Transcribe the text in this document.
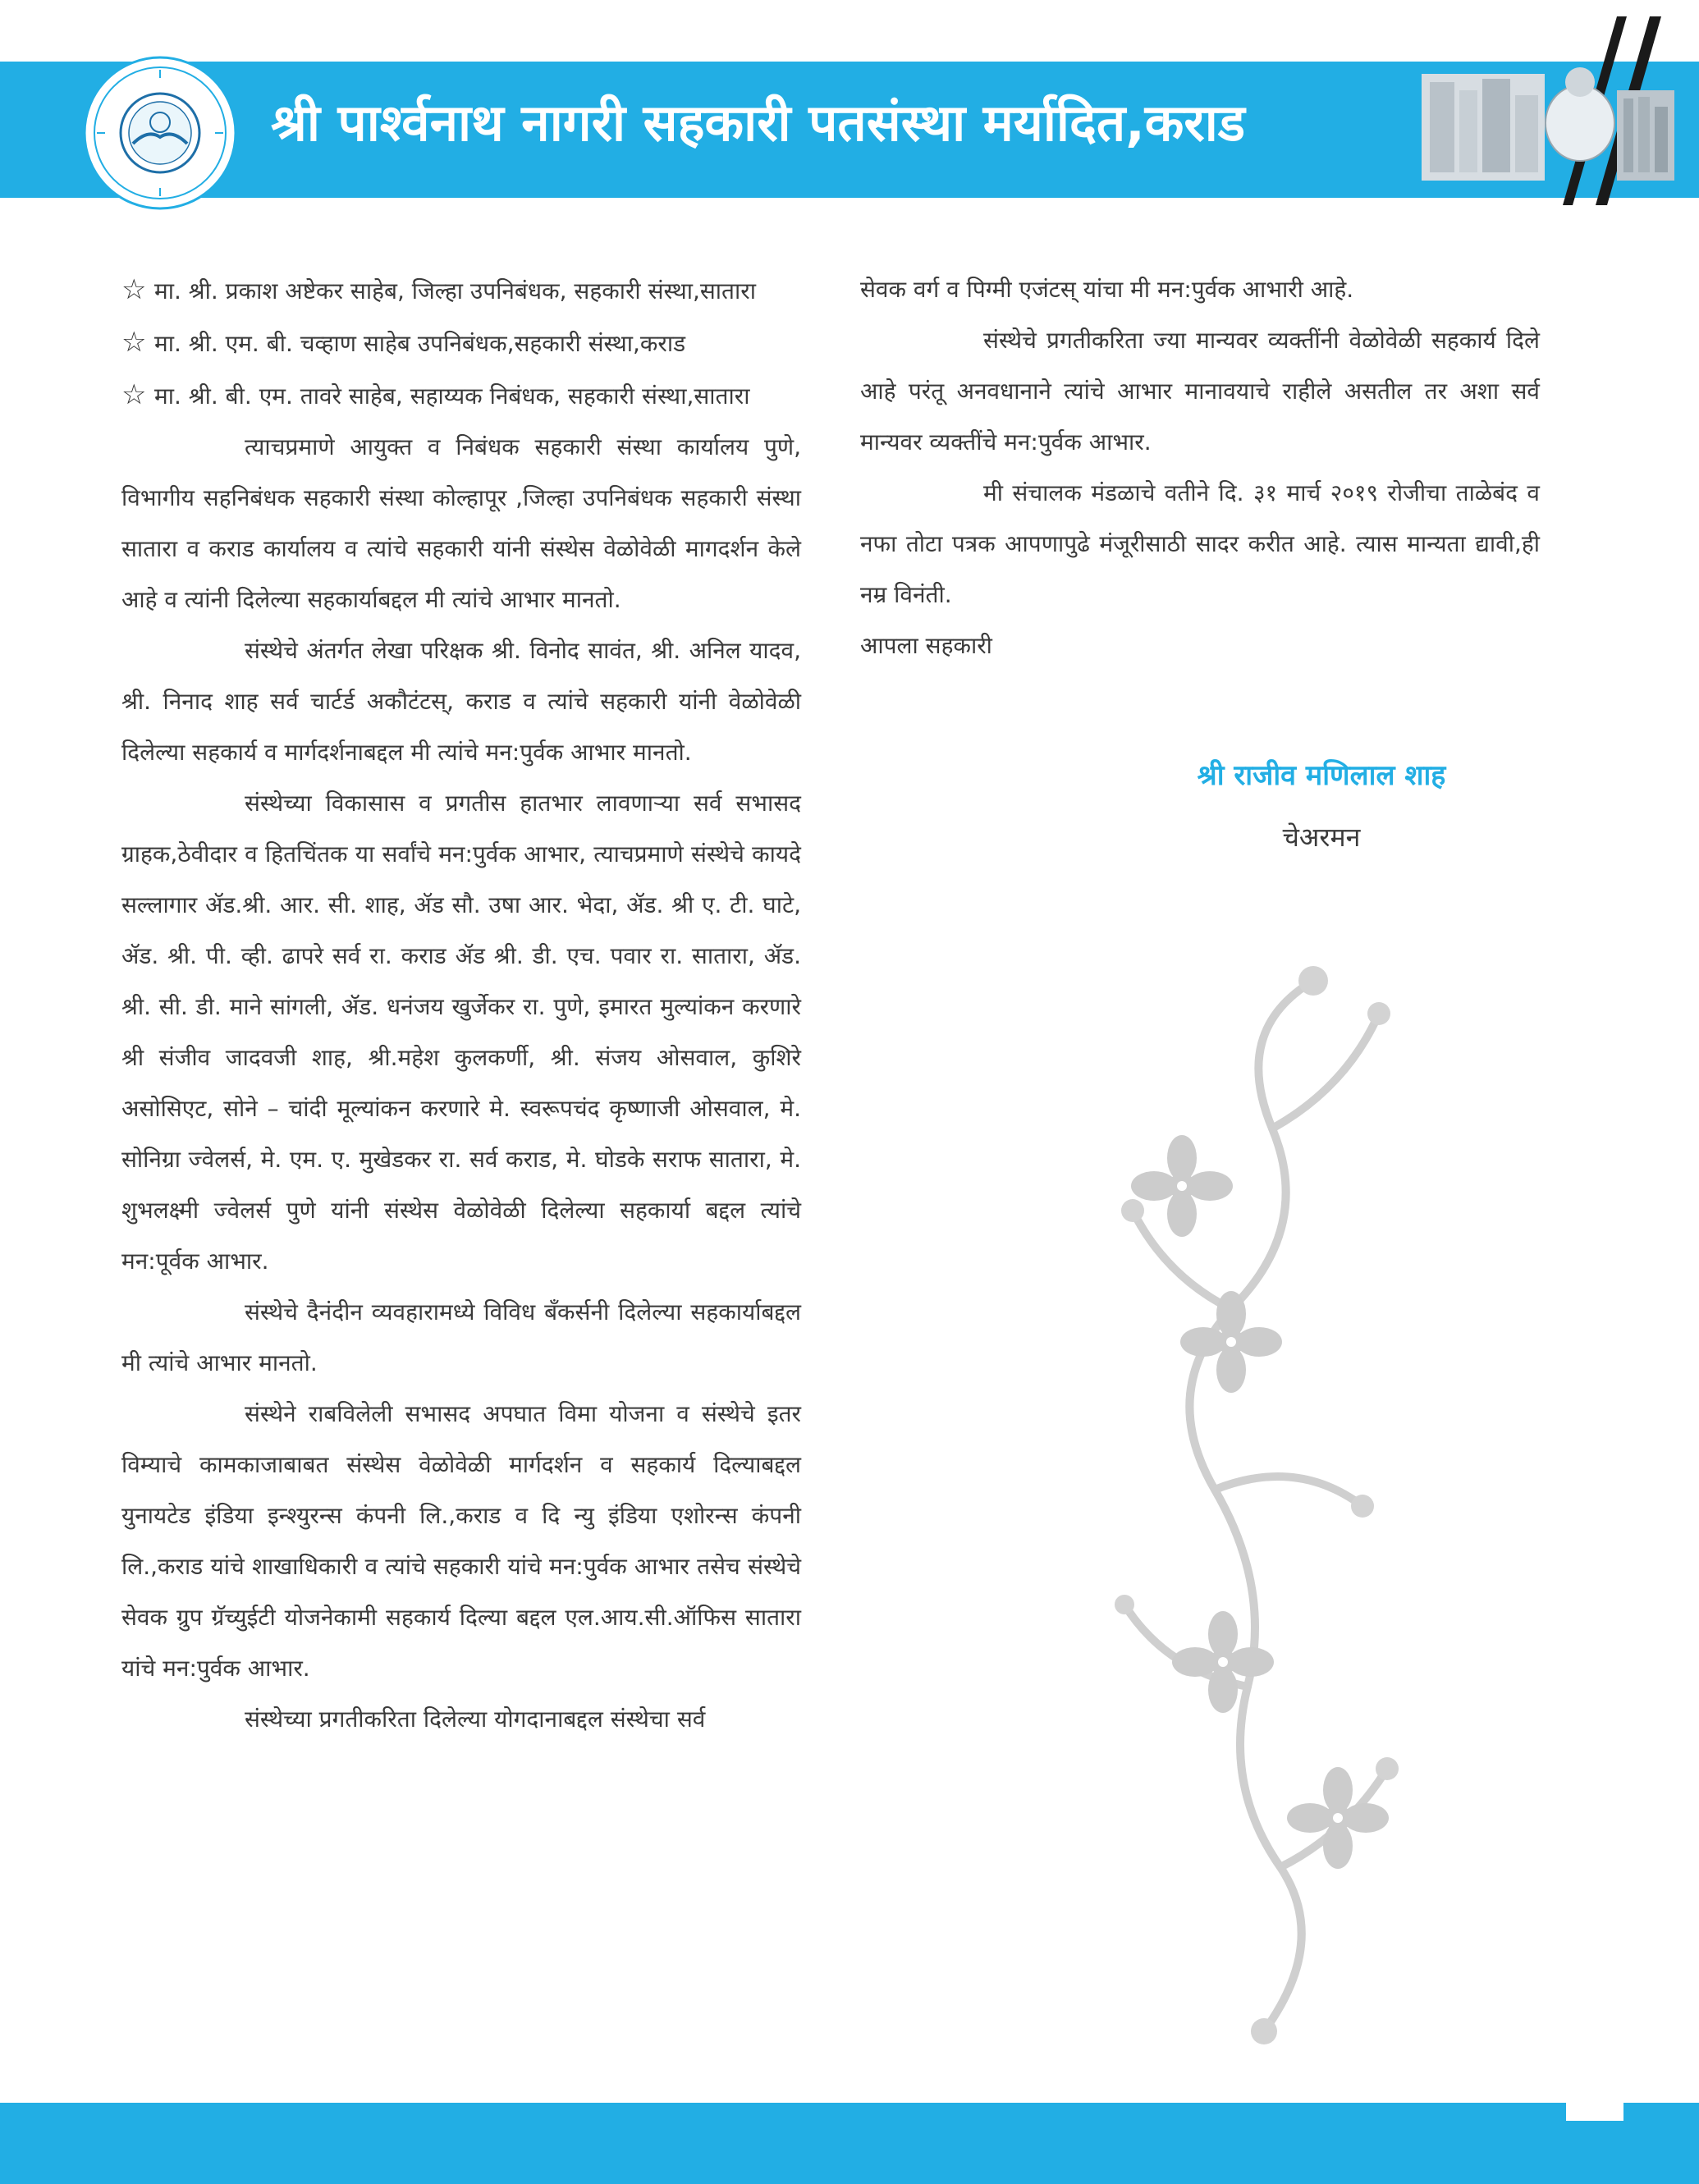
श्री पार्श्वनाथ नागरी सहकारी पतसंस्था मर्यादित,कराड

☆ मा. श्री. प्रकाश अष्टेकर साहेब, जिल्हा उपनिबंधक, सहकारी संस्था,सातारा

☆ मा. श्री. एम. बी. चव्हाण साहेब उपनिबंधक,सहकारी संस्था,कराड

☆ मा. श्री. बी. एम. तावरे साहेब, सहाय्यक निबंधक, सहकारी संस्था,सातारा

त्याचप्रमाणे आयुक्त व निबंधक सहकारी संस्था कार्यालय पुणे, विभागीय सहनिबंधक सहकारी संस्था कोल्हापूर ,जिल्हा उपनिबंधक सहकारी संस्था सातारा व कराड कार्यालय व त्यांचे सहकारी यांनी संस्थेस वेळोवेळी मागदर्शन केले आहे व त्यांनी दिलेल्या सहकार्याबद्दल मी त्यांचे आभार मानतो.

संस्थेचे अंतर्गत लेखा परिक्षक श्री. विनोद सावंत, श्री. अनिल यादव, श्री. निनाद शाह सर्व चार्टर्ड अकौटंटस्, कराड व त्यांचे सहकारी यांनी वेळोवेळी दिलेल्या सहकार्य व मार्गदर्शनाबद्दल मी त्यांचे मन:पुर्वक आभार मानतो.

संस्थेच्या विकासास व प्रगतीस हातभार लावणाऱ्या सर्व सभासद ग्राहक,ठेवीदार व हितचिंतक या सर्वांचे मन:पुर्वक आभार, त्याचप्रमाणे संस्थेचे कायदे सल्लागार ॲड.श्री. आर. सी. शाह, ॲड सौ. उषा आर. भेदा, ॲड. श्री ए. टी. घाटे, ॲड. श्री. पी. व्ही. ढापरे सर्व रा. कराड ॲड श्री. डी. एच. पवार रा. सातारा, ॲड. श्री. सी. डी. माने सांगली, ॲड. धनंजय खुर्जेकर रा. पुणे, इमारत मुल्यांकन करणारे श्री संजीव जादवजी शाह, श्री.महेश कुलकर्णी, श्री. संजय ओसवाल, कुशिरे असोसिएट, सोने – चांदी मूल्यांकन करणारे मे. स्वरूपचंद कृष्णाजी ओसवाल, मे. सोनिग्रा ज्वेलर्स, मे. एम. ए. मुखेडकर रा. सर्व कराड, मे. घोडके सराफ सातारा, मे. शुभलक्ष्मी ज्वेलर्स पुणे यांनी संस्थेस वेळोवेळी दिलेल्या सहकार्या बद्दल त्यांचे मन:पूर्वक आभार.

संस्थेचे दैनंदीन व्यवहारामध्ये विविध बँकर्सनी दिलेल्या सहकार्याबद्दल मी त्यांचे आभार मानतो.

संस्थेने राबविलेली सभासद अपघात विमा योजना व संस्थेचे इतर विम्याचे कामकाजाबाबत संस्थेस वेळोवेळी मार्गदर्शन व सहकार्य दिल्याबद्दल युनायटेड इंडिया इन्श्युरन्स कंपनी लि.,कराड व दि न्यु इंडिया एशोरन्स कंपनी लि.,कराड यांचे शाखाधिकारी व त्यांचे सहकारी यांचे मन:पुर्वक आभार तसेच संस्थेचे सेवक ग्रुप ग्रॅच्युईटी योजनेकामी सहकार्य दिल्या बद्दल एल.आय.सी.ऑफिस सातारा यांचे मन:पुर्वक आभार.

संस्थेच्या प्रगतीकरिता दिलेल्या योगदानाबद्दल संस्थेचा सर्व

सेवक वर्ग व पिग्मी एजंटस् यांचा मी मन:पुर्वक आभारी आहे.

संस्थेचे प्रगतीकरिता ज्या मान्यवर व्यक्तींनी वेळोवेळी सहकार्य दिले आहे परंतू अनवधानाने त्यांचे आभार मानावयाचे राहीले असतील तर अशा सर्व मान्यवर व्यक्तींचे मन:पुर्वक आभार.

मी संचालक मंडळाचे वतीने दि. ३१ मार्च २०१९ रोजीचा ताळेबंद व नफा तोटा पत्रक आपणापुढे मंजूरीसाठी सादर करीत आहे. त्यास मान्यता द्यावी,ही नम्र विनंती.

आपला सहकारी

श्री राजीव मणिलाल शाह
चेअरमन
